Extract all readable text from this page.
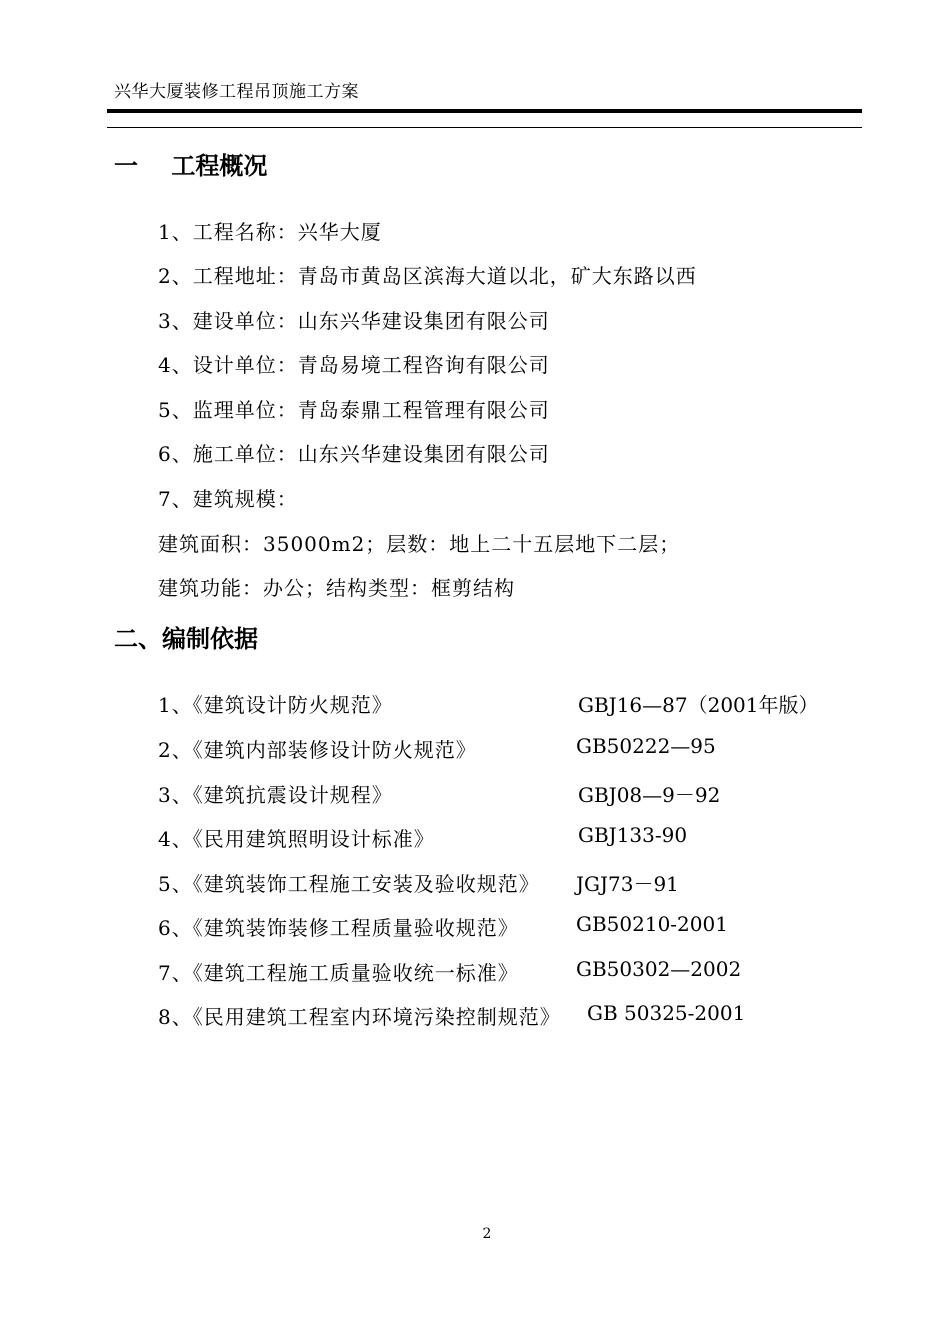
兴华大厦装修工程吊顶施工方案
一    工程概况
1、工程名称：兴华大厦
2、工程地址：青岛市黄岛区滨海大道以北，矿大东路以西
3、建设单位：山东兴华建设集团有限公司
4、设计单位：青岛易境工程咨询有限公司
5、监理单位：青岛泰鼎工程管理有限公司
6、施工单位：山东兴华建设集团有限公司
7、建筑规模：
建筑面积：35000m2；层数：地上二十五层地下二层；
建筑功能：办公；结构类型：框剪结构
二、编制依据
1、《建筑设计防火规范》	GBJ16—87（2001年版）
2、《建筑内部装修设计防火规范》	GB50222—95
3、《建筑抗震设计规程》	GBJ08—9－92
4、《民用建筑照明设计标准》	GBJ133-90
5、《建筑装饰工程施工安装及验收规范》 JGJ73－91
6、《建筑装饰装修工程质量验收规范》	GB50210-2001
7、《建筑工程施工质量验收统一标准》	GB50302—2002
8、《民用建筑工程室内环境污染控制规范》 GB 50325-2001
2
